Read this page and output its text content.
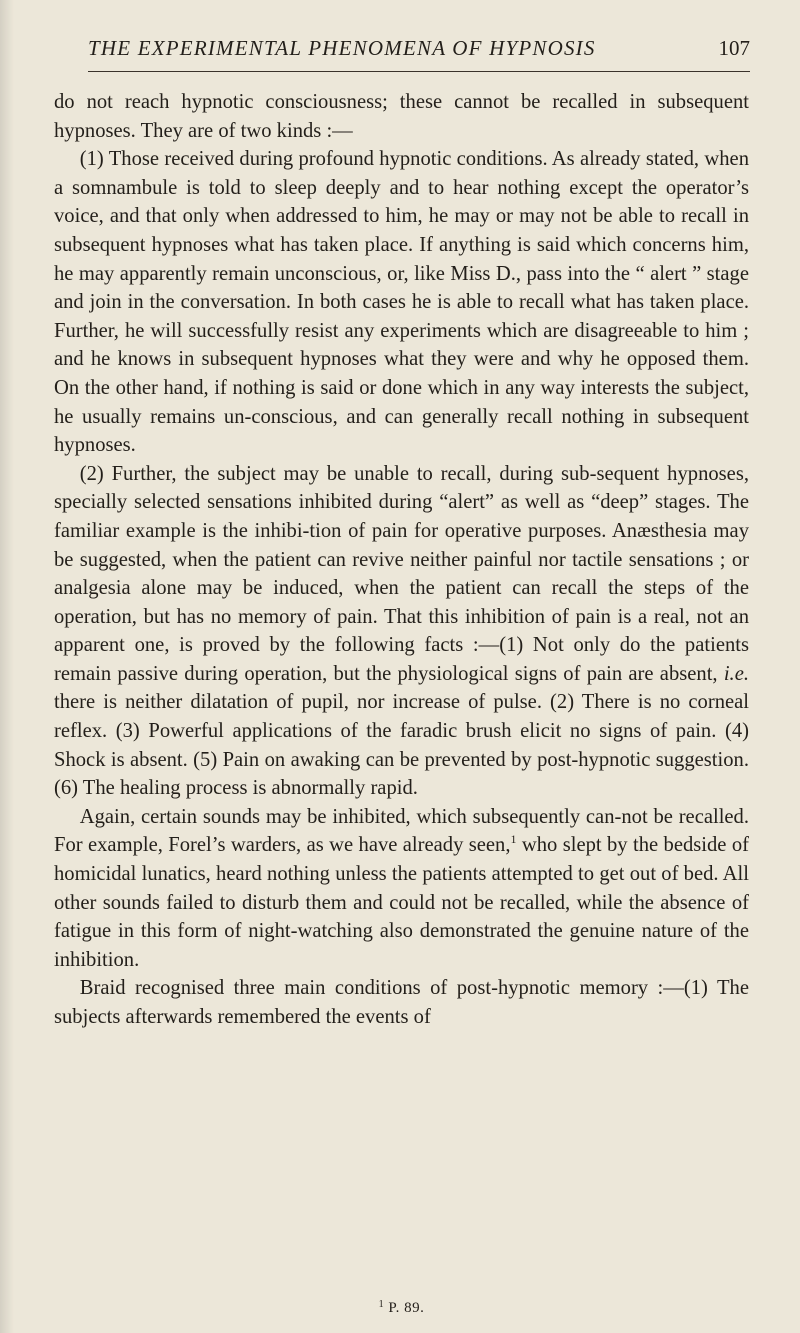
THE EXPERIMENTAL PHENOMENA OF HYPNOSIS	107

do not reach hypnotic consciousness; these cannot be recalled in subsequent hypnoses. They are of two kinds :—

(1) Those received during profound hypnotic conditions. As already stated, when a somnambule is told to sleep deeply and to hear nothing except the operator’s voice, and that only when addressed to him, he may or may not be able to recall in subsequent hypnoses what has taken place. If anything is said which concerns him, he may apparently remain unconscious, or, like Miss D., pass into the “ alert ” stage and join in the conversation. In both cases he is able to recall what has taken place. Further, he will successfully resist any experiments which are disagreeable to him ; and he knows in subsequent hypnoses what they were and why he opposed them. On the other hand, if nothing is said or done which in any way interests the subject, he usually remains un-conscious, and can generally recall nothing in subsequent hypnoses.

(2) Further, the subject may be unable to recall, during sub-sequent hypnoses, specially selected sensations inhibited during “alert” as well as “deep” stages. The familiar example is the inhibi-tion of pain for operative purposes. Anæsthesia may be suggested, when the patient can revive neither painful nor tactile sensations ; or analgesia alone may be induced, when the patient can recall the steps of the operation, but has no memory of pain. That this inhibition of pain is a real, not an apparent one, is proved by the following facts :—(1) Not only do the patients remain passive during operation, but the physiological signs of pain are absent, i.e. there is neither dilatation of pupil, nor increase of pulse. (2) There is no corneal reflex. (3) Powerful applications of the faradic brush elicit no signs of pain. (4) Shock is absent. (5) Pain on awaking can be prevented by post-hypnotic suggestion. (6) The healing process is abnormally rapid.

Again, certain sounds may be inhibited, which subsequently can-not be recalled. For example, Forel’s warders, as we have already seen,$^1$ who slept by the bedside of homicidal lunatics, heard nothing unless the patients attempted to get out of bed. All other sounds failed to disturb them and could not be recalled, while the absence of fatigue in this form of night-watching also demonstrated the genuine nature of the inhibition.

Braid recognised three main conditions of post-hypnotic memory :—(1) The subjects afterwards remembered the events of

$^1$ P. 89.
